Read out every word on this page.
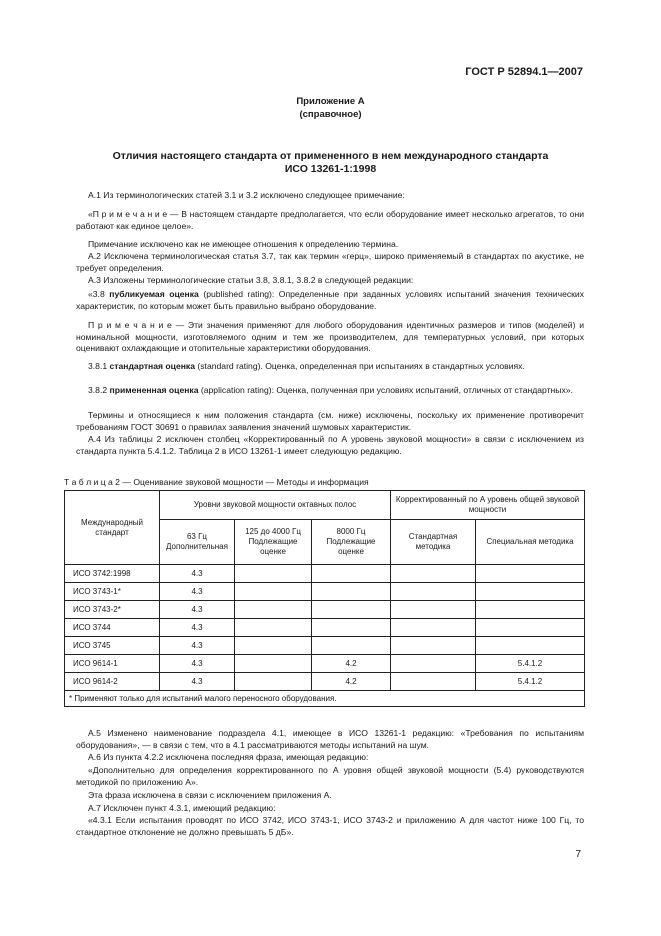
ГОСТ Р 52894.1—2007
Приложение А
(справочное)
Отличия настоящего стандарта от примененного в нем международного стандарта
ИСО 13261-1:1998
А.1 Из терминологических статей 3.1 и 3.2 исключено следующее примечание:
«П р и м е ч а н и е — В настоящем стандарте предполагается, что если оборудование имеет несколько агрегатов, то они работают как единое целое».
Примечание исключено как не имеющее отношения к определению термина.
А.2 Исключена терминологическая статья 3.7, так как термин «герц», широко применяемый в стандартах по акустике, не требует определения.
А.3 Изложены терминологические статьи 3.8, 3.8.1, 3.8.2 в следующей редакции:
«3.8 публикуемая оценка (published rating): Определенные при заданных условиях испытаний значения технических характеристик, по которым может быть правильно выбрано оборудование.
П р и м е ч а н и е — Эти значения применяют для любого оборудования идентичных размеров и типов (моделей) и номинальной мощности, изготовляемого одним и тем же производителем, для температурных условий, при которых оценивают охлаждающие и отопительные характеристики оборудования.
3.8.1 стандартная оценка (standard rating). Оценка, определенная при испытаниях в стандартных условиях.
3.8.2 примененная оценка (application rating): Оценка, полученная при условиях испытаний, отличных от стандартных».
Термины и относящиеся к ним положения стандарта (см. ниже) исключены, поскольку их применение противоречит требованиям ГОСТ 30691 о правилах заявления значений шумовых характеристик.
А.4 Из таблицы 2 исключен столбец «Корректированный по А уровень звуковой мощности» в связи с исключением из стандарта пункта 5.4.1.2. Таблица 2 в ИСО 13261-1 имеет следующую редакцию.
Т а б л и ц а 2 — Оценивание звуковой мощности — Методы и информация
Международный стандарт	Уровни звуковой мощности октавных полос			Корректированный по А уровень общей звуковой мощности	
	63 Гц Дополнительная	125 до 4000 Гц Подлежащие оценке	8000 Гц Подлежащие оценке	Стандартная методика	Специальная методика
ИСО 3742:1998	4.3				
ИСО 3743-1*	4.3				
ИСО 3743-2*	4.3				
ИСО 3744	4.3				
ИСО 3745	4.3				
ИСО 9614-1	4.3		4.2		5.4.1.2
ИСО 9614-2	4.3		4.2		5.4.1.2
* Применяют только для испытаний малого переносного оборудования.					
А.5 Изменено наименование подраздела 4.1, имеющее в ИСО 13261-1 редакцию: «Требования по испытаниям оборудования», — в связи с тем, что в 4.1 рассматриваются методы испытаний на шум.
А.6 Из пункта 4.2.2 исключена последняя фраза, имеющая редакцию:
«Дополнительно для определения корректированного по А уровня общей звуковой мощности (5.4) руководствуются методикой по приложению А».
Эта фраза исключена в связи с исключением приложения А.
А.7 Исключен пункт 4.3.1, имеющий редакцию:
«4.3.1 Если испытания проводят по ИСО 3742, ИСО 3743-1, ИСО 3743-2 и приложению А для частот ниже 100 Гц, то стандартное отклонение не должно превышать 5 дБ».
7
